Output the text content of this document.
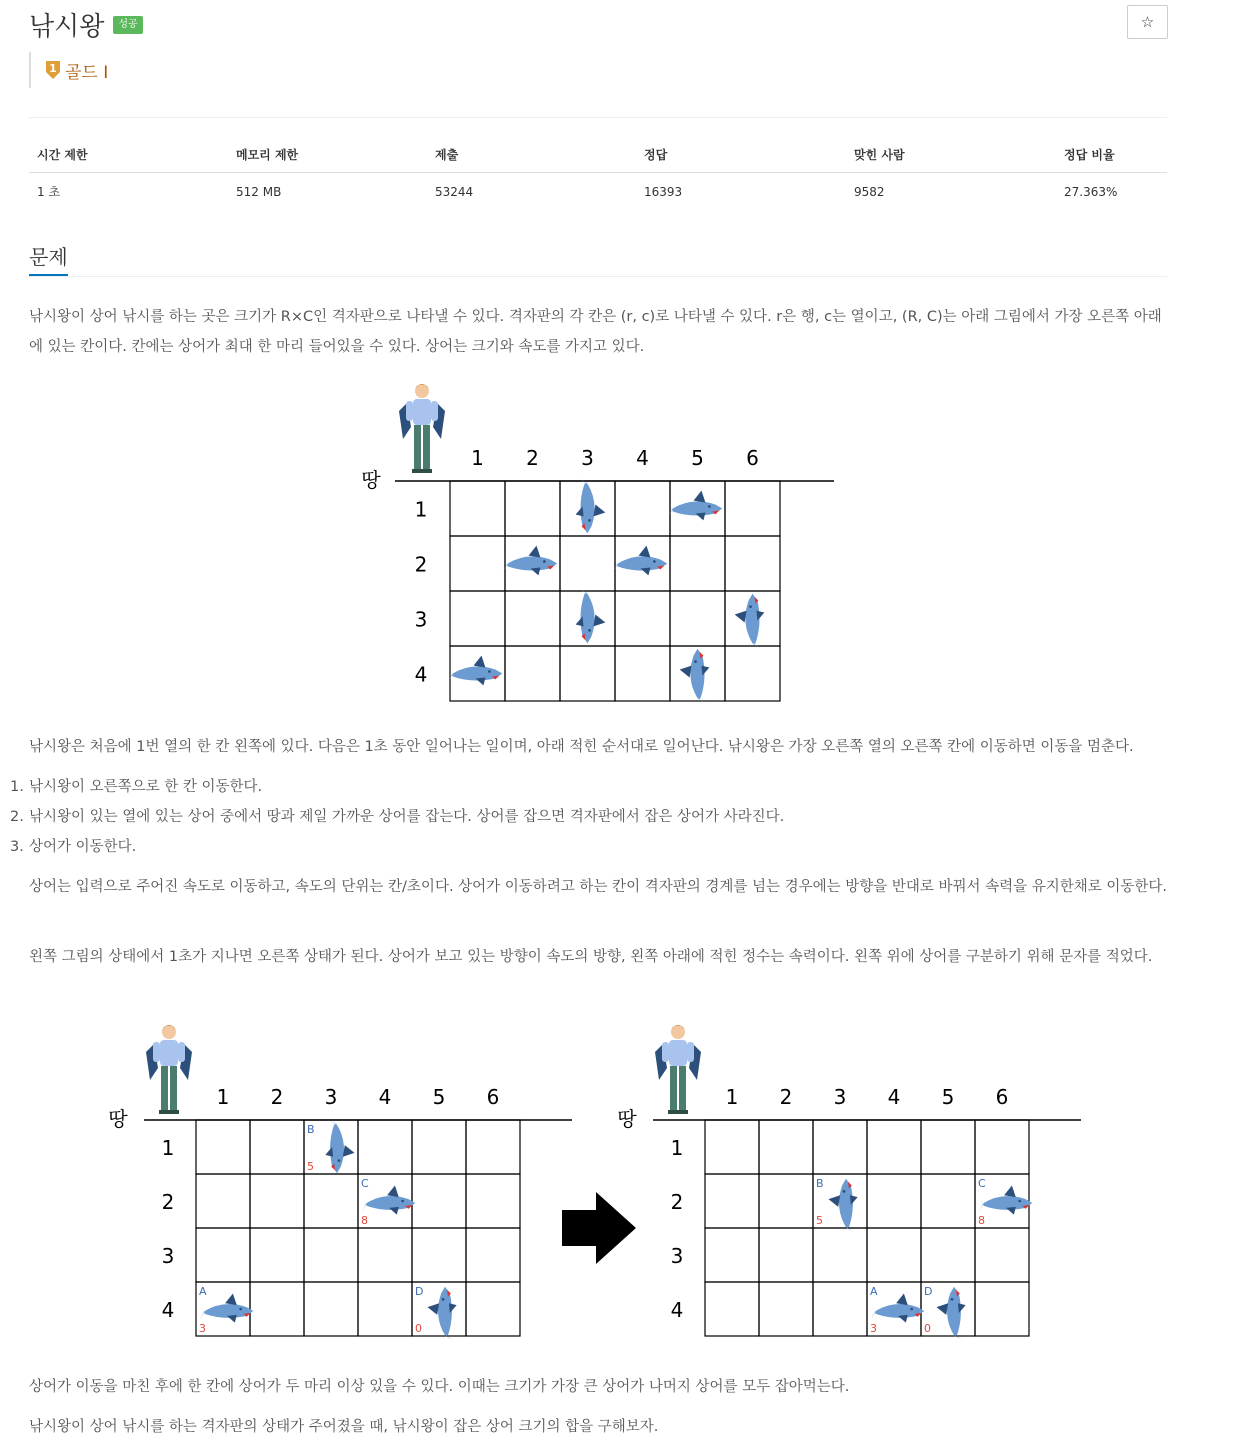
낚시왕	성공	☆
1 골드 I
시간 제한	메모리 제한	제출	정답	맞힌 사람	정답 비율
1 초	512 MB	53244	16393	9582	27.363%
문제
낚시왕이 상어 낚시를 하는 곳은 크기가 R×C인 격자판으로 나타낼 수 있다. 격자판의 각 칸은 (r, c)로 나타낼 수 있다. r은 행, c는 열이고, (R, C)는 아래 그림에서 가장 오른쪽 아래에 있는 칸이다. 칸에는 상어가 최대 한 마리 들어있을 수 있다. 상어는 크기와 속도를 가지고 있다.
땅
1 2 3 4 5 6
1
2
3
4
낚시왕은 처음에 1번 열의 한 칸 왼쪽에 있다. 다음은 1초 동안 일어나는 일이며, 아래 적힌 순서대로 일어난다. 낚시왕은 가장 오른쪽 열의 오른쪽 칸에 이동하면 이동을 멈춘다.
1. 낚시왕이 오른쪽으로 한 칸 이동한다.
2. 낚시왕이 있는 열에 있는 상어 중에서 땅과 제일 가까운 상어를 잡는다. 상어를 잡으면 격자판에서 잡은 상어가 사라진다.
3. 상어가 이동한다.
상어는 입력으로 주어진 속도로 이동하고, 속도의 단위는 칸/초이다. 상어가 이동하려고 하는 칸이 격자판의 경계를 넘는 경우에는 방향을 반대로 바꿔서 속력을 유지한채로 이동한다.
왼쪽 그림의 상태에서 1초가 지나면 오른쪽 상태가 된다. 상어가 보고 있는 방향이 속도의 방향, 왼쪽 아래에 적힌 정수는 속력이다. 왼쪽 위에 상어를 구분하기 위해 문자를 적었다.
땅
1 2 3 4 5 6
1
2
3
4
B
5
C
8
A
3
D
0
땅
1 2 3 4 5 6
1
2
3
4
B
5
C
8
A
3
D
0
상어가 이동을 마친 후에 한 칸에 상어가 두 마리 이상 있을 수 있다. 이때는 크기가 가장 큰 상어가 나머지 상어를 모두 잡아먹는다.
낚시왕이 상어 낚시를 하는 격자판의 상태가 주어졌을 때, 낚시왕이 잡은 상어 크기의 합을 구해보자.
